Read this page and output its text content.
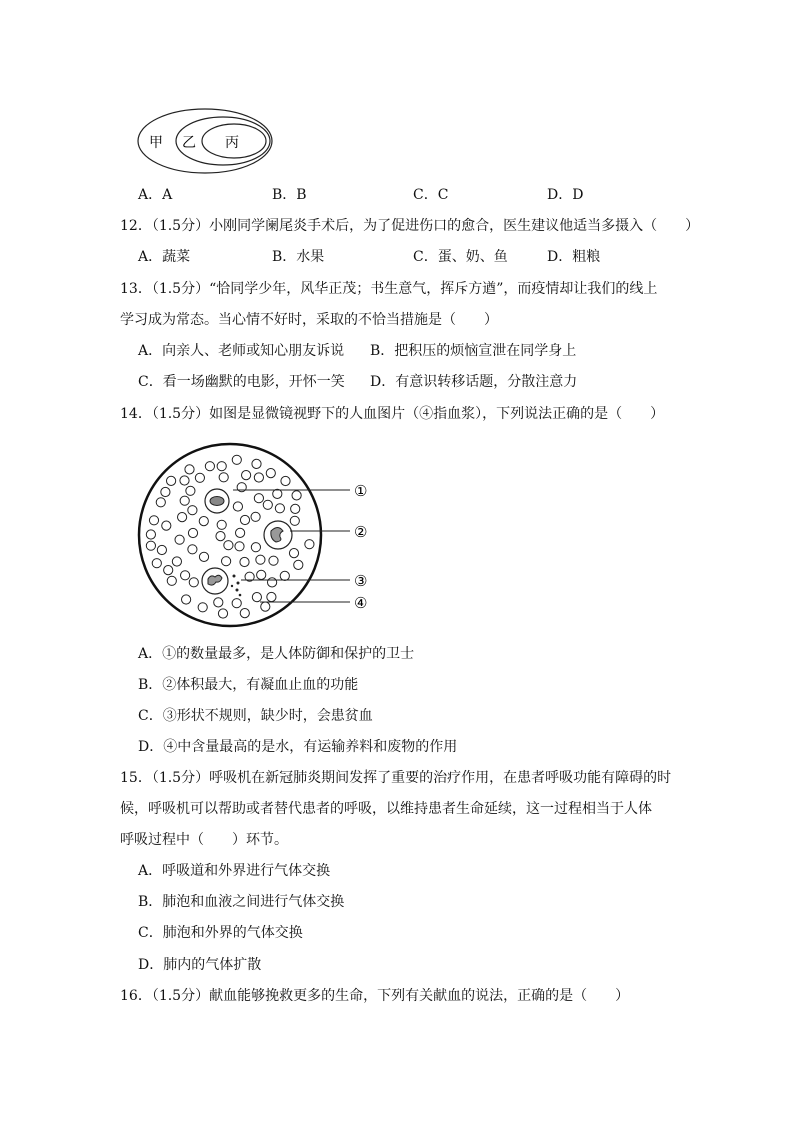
甲 乙 丙
A．A	B．B	C．C	D．D
12．（1.5分）小刚同学阑尾炎手术后，为了促进伤口的愈合，医生建议他适当多摄入（　　）
A．蔬菜	B．水果	C．蛋、奶、鱼	D．粗粮
13．（1.5分）“恰同学少年，风华正茂；书生意气，挥斥方遒”，而疫情却让我们的线上
学习成为常态。当心情不好时，采取的不恰当措施是（　　）
A．向亲人、老师或知心朋友诉说 B．把积压的烦恼宣泄在同学身上
C．看一场幽默的电影，开怀一笑 D．有意识转移话题，分散注意力
14．（1.5分）如图是显微镜视野下的人血图片（④指血浆），下列说法正确的是（　　）
①
②
③
④
A．①的数量最多，是人体防御和保护的卫士
B．②体积最大，有凝血止血的功能
C．③形状不规则，缺少时，会患贫血
D．④中含量最高的是水，有运输养料和废物的作用
15．（1.5分）呼吸机在新冠肺炎期间发挥了重要的治疗作用，在患者呼吸功能有障碍的时
候，呼吸机可以帮助或者替代患者的呼吸，以维持患者生命延续，这一过程相当于人体
呼吸过程中（　　）环节。
A．呼吸道和外界进行气体交换
B．肺泡和血液之间进行气体交换
C．肺泡和外界的气体交换
D．肺内的气体扩散
16．（1.5分）献血能够挽救更多的生命，下列有关献血的说法，正确的是（　　）
